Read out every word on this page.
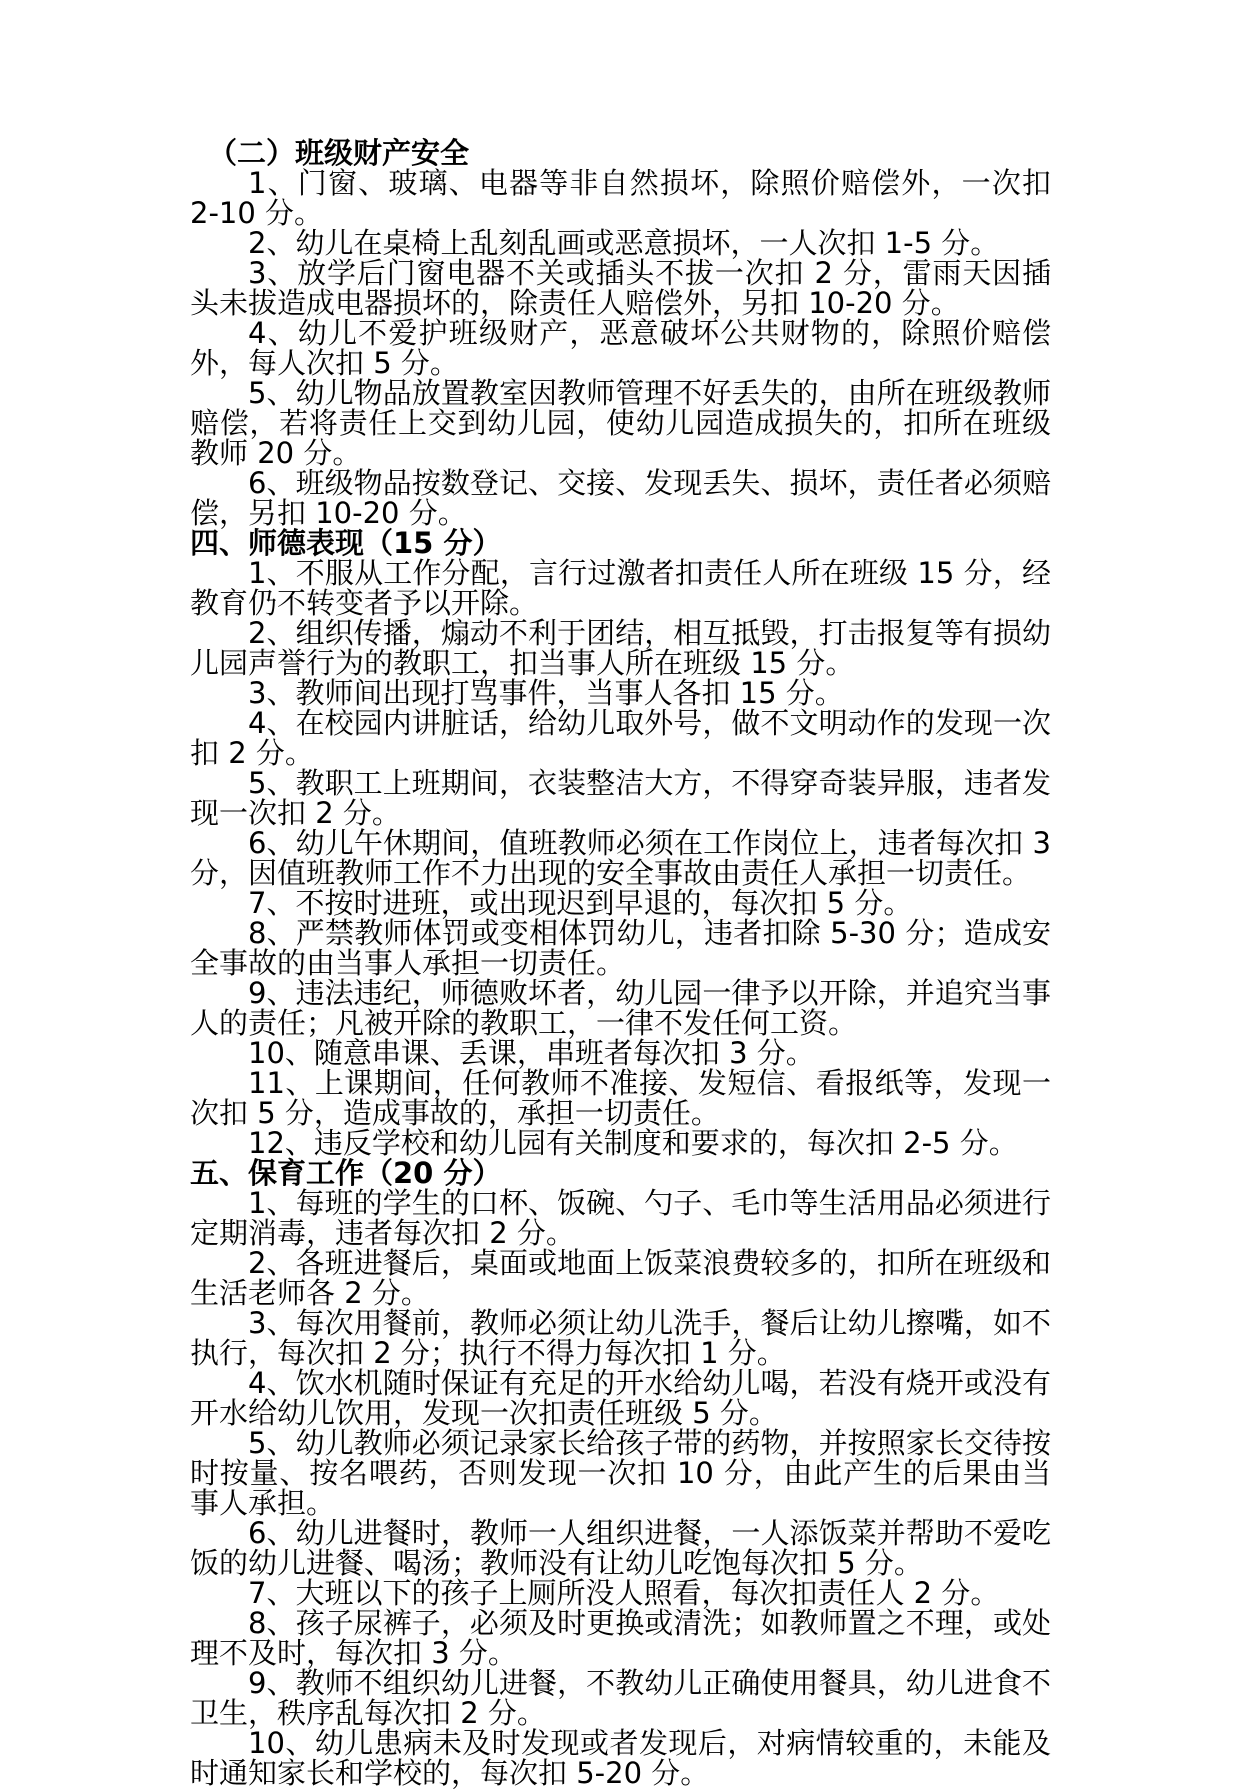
（二）班级财产安全

1、门窗、玻璃、电器等非自然损坏，除照价赔偿外，一次扣 2-10 分。

2、幼儿在桌椅上乱刻乱画或恶意损坏，一人次扣 1-5 分。

3、放学后门窗电器不关或插头不拔一次扣 2 分，雷雨天因插头未拔造成电器损坏的，除责任人赔偿外，另扣 10-20 分。

4、幼儿不爱护班级财产，恶意破坏公共财物的，除照价赔偿外，每人次扣 5 分。

5、幼儿物品放置教室因教师管理不好丢失的，由所在班级教师赔偿，若将责任上交到幼儿园，使幼儿园造成损失的，扣所在班级教师 20 分。

6、班级物品按数登记、交接、发现丢失、损坏，责任者必须赔偿，另扣 10-20 分。

四、师德表现（15 分）

1、不服从工作分配，言行过激者扣责任人所在班级 15 分，经教育仍不转变者予以开除。

2、组织传播，煽动不利于团结，相互抵毁，打击报复等有损幼儿园声誉行为的教职工，扣当事人所在班级 15 分。

3、教师间出现打骂事件，当事人各扣 15 分。

4、在校园内讲脏话，给幼儿取外号，做不文明动作的发现一次扣 2 分。

5、教职工上班期间，衣装整洁大方，不得穿奇装异服，违者发现一次扣 2 分。

6、幼儿午休期间，值班教师必须在工作岗位上，违者每次扣 3 分，因值班教师工作不力出现的安全事故由责任人承担一切责任。

7、不按时进班，或出现迟到早退的，每次扣 5 分。

8、严禁教师体罚或变相体罚幼儿，违者扣除 5-30 分；造成安全事故的由当事人承担一切责任。

9、违法违纪，师德败坏者，幼儿园一律予以开除，并追究当事人的责任；凡被开除的教职工，一律不发任何工资。

10、随意串课、丢课，串班者每次扣 3 分。

11、上课期间，任何教师不准接、发短信、看报纸等，发现一次扣 5 分，造成事故的，承担一切责任。

12、违反学校和幼儿园有关制度和要求的，每次扣 2-5 分。

五、保育工作（20 分）

1、每班的学生的口杯、饭碗、勺子、毛巾等生活用品必须进行定期消毒，违者每次扣 2 分。

2、各班进餐后，桌面或地面上饭菜浪费较多的，扣所在班级和生活老师各 2 分。

3、每次用餐前，教师必须让幼儿洗手，餐后让幼儿擦嘴，如不执行，每次扣 2 分；执行不得力每次扣 1 分。

4、饮水机随时保证有充足的开水给幼儿喝，若没有烧开或没有开水给幼儿饮用，发现一次扣责任班级 5 分。

5、幼儿教师必须记录家长给孩子带的药物，并按照家长交待按时按量、按名喂药，否则发现一次扣 10 分，由此产生的后果由当事人承担。

6、幼儿进餐时，教师一人组织进餐，一人添饭菜并帮助不爱吃饭的幼儿进餐、喝汤；教师没有让幼儿吃饱每次扣 5 分。

7、大班以下的孩子上厕所没人照看，每次扣责任人 2 分。

8、孩子尿裤子，必须及时更换或清洗；如教师置之不理，或处理不及时，每次扣 3 分。

9、教师不组织幼儿进餐，不教幼儿正确使用餐具，幼儿进食不卫生，秩序乱每次扣 2 分。

10、幼儿患病未及时发现或者发现后，对病情较重的，未能及时通知家长和学校的，每次扣 5-20 分。
